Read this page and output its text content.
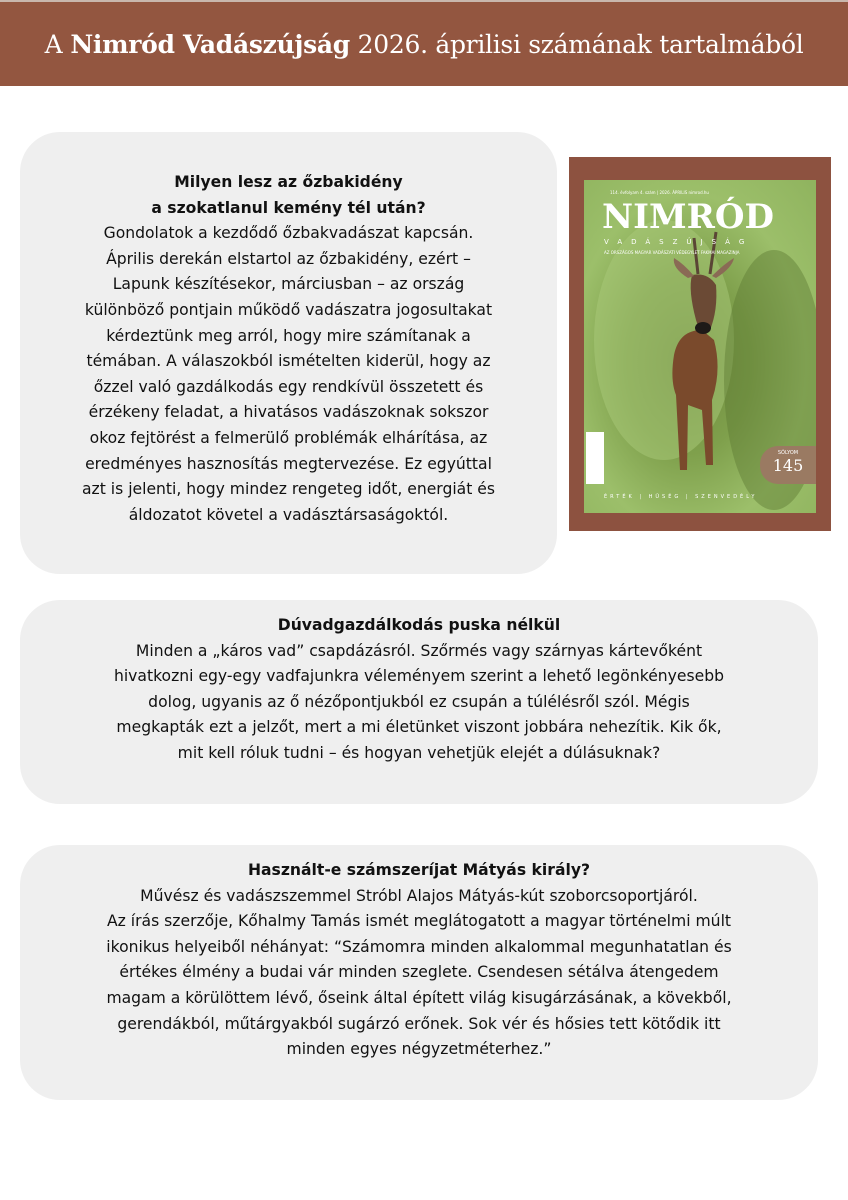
A Nimród Vadászújság 2026. áprilisi számának tartalmából
Milyen lesz az őzbakidény
a szokatlanul kemény tél után?
Gondolatok a kezdődő őzbakvadászat kapcsán.
Április derekán elstartol az őzbakidény, ezért –
Lapunk készítésekor, márciusban – az ország
különböző pontjain működő vadászatra jogosultakat
kérdeztünk meg arról, hogy mire számítanak a
témában. A válaszokból ismételten kiderül, hogy az
őzzel való gazdálkodás egy rendkívül összetett és
érzékeny feladat, a hivatásos vadászoknak sokszor
okoz fejtörést a felmerülő problémák elhárítása, az
eredményes hasznosítás megtervezése. Ez egyúttal
azt is jelenti, hogy mindez rengeteg időt, energiát és
áldozatot követel a vadásztársaságoktól.
Dúvadgazdálkodás puska nélkül
Minden a „káros vad” csapdázásról. Szőrmés vagy szárnyas kártevőként
hivatkozni egy-egy vadfajunkra véleményem szerint a lehető legönkényesebb
dolog, ugyanis az ő nézőpontjukból ez csupán a túlélésről szól. Mégis
megkapták ezt a jelzőt, mert a mi életünket viszont jobbára nehezítik. Kik ők,
mit kell róluk tudni – és hogyan vehetjük elejét a dúlásuknak?
Használt-e számszeríjat Mátyás király?
Művész és vadászszemmel Stróbl Alajos Mátyás-kút szoborcsoportjáról.
Az írás szerzője, Kőhalmy Tamás ismét meglátogatott a magyar történelmi múlt
ikonikus helyeiből néhányat: “Számomra minden alkalommal megunhatatlan és
értékes élmény a budai vár minden szeglete. Csendesen sétálva átengedem
magam a körülöttem lévő, őseink által épített világ kisugárzásának, a kövekből,
gerendákból, műtárgyakból sugárzó erőnek. Sok vér és hősies tett kötődik itt
minden egyes négyzetméterhez.”
114. évfolyam 4. szám | 2026. ÁPRILIS nimrod.hu
NIMRÓD
VADÁSZÚJSÁG
AZ ORSZÁGOS MAGYAR VADÁSZATI VÉDEGYLET FAKMAI MAGAZINJA
SÓLYOM
145
ÉRTÉK | HŰSÉG | SZENVEDÉLY
